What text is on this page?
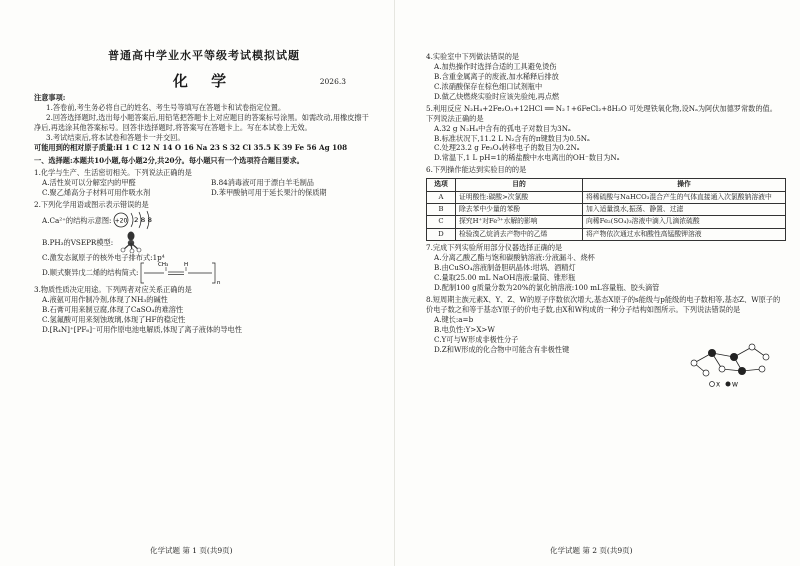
普通高中学业水平等级考试模拟试题
化 学	2026.3

注意事项:

1.答卷前,考生务必将自己的姓名、考生号等填写在答题卡和试卷指定位置。

2.回答选择题时,选出每小题答案后,用铅笔把答题卡上对应题目的答案标号涂黑。如需改动,用橡皮擦干净后,再选涂其他答案标号。回答非选择题时,将答案写在答题卡上。写在本试卷上无效。

3.考试结束后,将本试卷和答题卡一并交回。

可能用到的相对原子质量:H 1 C 12 N 14 O 16 Na 23 S 32 Cl 35.5 K 39 Fe 56 Ag 108

一、选择题:本题共10小题,每小题2分,共20分。每小题只有一个选项符合题目要求。

1.化学与生产、生活密切相关。下列说法正确的是

A.活性炭可以分解室内的甲醛	B.84消毒液可用于漂白羊毛制品
C.聚乙烯高分子材料可用作吸水剂	D.苯甲酸钠可用于延长果汁的保质期

2.下列化学用语或图示表示错误的是

A.Ca²⁺的结构示意图: +20 2 8 8
B.PH₃的VSEPR模型:

C.激发态氮原子的核外电子排布式:1p⁴

D.顺式聚异戊二烯的结构简式:
CH₃	H
n

3.物质性质决定用途。下列两者对应关系正确的是

A.液氨可用作制冷剂,体现了NH₃的碱性

B.石膏可用来制豆腐,体现了CaSO₄的难溶性

C.氢氟酸可用来刻蚀玻璃,体现了HF的稳定性

D.[R₄N]⁺[PF₆]⁻可用作原电池电解质,体现了离子液体的导电性

化学试题 第 1 页(共9页)

4.实验室中下列做法错误的是

A.加热操作时选择合适的工具避免烫伤

B.含重金属离子的废液,加水稀释后排放

C.浓硝酸保存在棕色细口试剂瓶中

D.做乙炔燃烧实验时应该先验纯,再点燃

5.利用反应 N₂H₄+2Fe₂O₃+12HCl ══ N₂↑+6FeCl₂+8H₂O 可处理铁氧化物,设Nₐ为阿伏加德罗常数的值。下列说法正确的是

A.32 g N₂H₄中含有的孤电子对数目为3Nₐ

B.标准状况下,11.2 L N₂含有的π键数目为0.5Nₐ

C.处理23.2 g Fe₃O₄转移电子的数目为0.2Nₐ

D.常温下,1 L pH=1的稀盐酸中水电离出的OH⁻数目为Nₐ

6.下列操作能达到实验目的的是

选项	目的	操作
A	证明酸性:碳酸>次氯酸	将稀硫酸与NaHCO₃混合产生的气体直接通入次氯酸钠溶液中
B	除去苯中少量的苯酚	加入适量溴水,振荡、静置、过滤
C	探究H⁺对Fe³⁺水解的影响	向稀Fe₂(SO₄)₃溶液中滴入几滴浓硫酸
D	检验溴乙烷消去产物中的乙烯	将产物依次通过水和酸性高锰酸钾溶液

7.完成下列实验所用部分仪器选择正确的是

A.分离乙酸乙酯与饱和碳酸钠溶液:分液漏斗、烧杯

B.由CuSO₄溶液制备胆矾晶体:坩埚、酒精灯

C.量取25.00 mL NaOH溶液:量筒、锥形瓶

D.配制100 g质量分数为20%的氯化钠溶液:100 mL容量瓶、胶头滴管

8.短周期主族元素X、Y、Z、W的原子序数依次增大,基态X原子的s能级与p能级的电子数相等,基态Z、W原子的价电子数之和等于基态Y原子的价电子数,由X和W构成的一种分子结构如图所示。下列说法错误的是

A.键长:a=b

B.电负性:Y>X>W

C.Y可与W形成非极性分子

D.Z和W形成的化合物中可能含有非极性键

X W
化学试题 第 2 页(共9页)
